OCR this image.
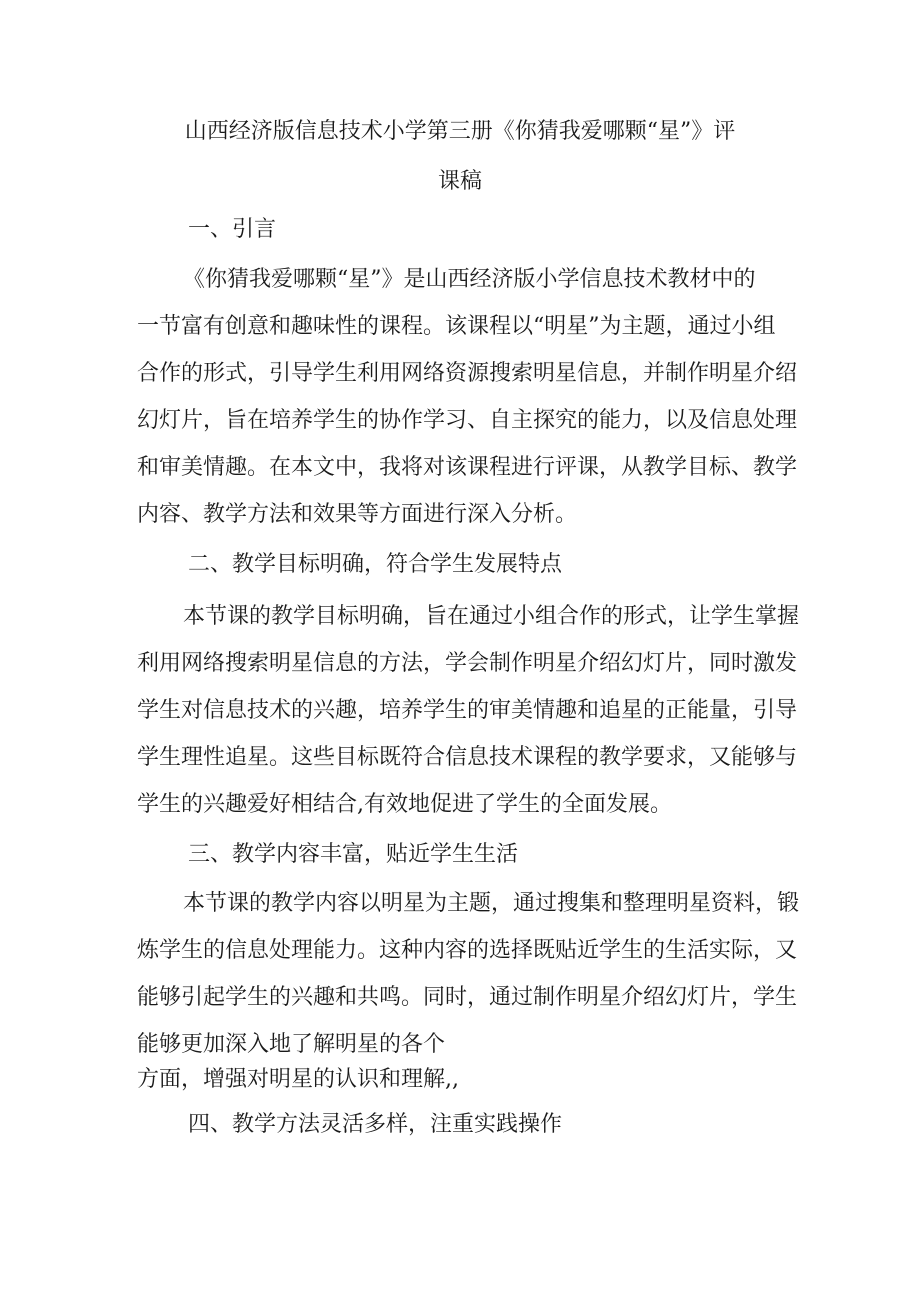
山西经济版信息技术小学第三册《你猜我爱哪颗“星”》评
课稿
一、引言
《你猜我爱哪颗“星”》是山西经济版小学信息技术教材中的
一节富有创意和趣味性的课程。该课程以“明星”为主题，通过小组
合作的形式，引导学生利用网络资源搜索明星信息，并制作明星介绍
幻灯片，旨在培养学生的协作学习、自主探究的能力，以及信息处理
和审美情趣。在本文中，我将对该课程进行评课，从教学目标、教学
内容、教学方法和效果等方面进行深入分析。
二、教学目标明确，符合学生发展特点
本节课的教学目标明确，旨在通过小组合作的形式，让学生掌握
利用网络搜索明星信息的方法，学会制作明星介绍幻灯片，同时激发
学生对信息技术的兴趣，培养学生的审美情趣和追星的正能量，引导
学生理性追星。这些目标既符合信息技术课程的教学要求，又能够与
学生的兴趣爱好相结合,有效地促进了学生的全面发展。
三、教学内容丰富，贴近学生生活
本节课的教学内容以明星为主题，通过搜集和整理明星资料，锻
炼学生的信息处理能力。这种内容的选择既贴近学生的生活实际，又
能够引起学生的兴趣和共鸣。同时，通过制作明星介绍幻灯片，学生
能够更加深入地了解明星的各个
方面，增强对明星的认识和理解,,
四、教学方法灵活多样，注重实践操作
